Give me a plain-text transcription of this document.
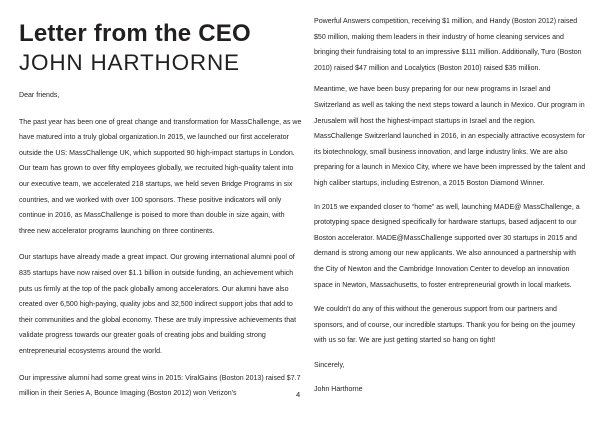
Letter from the CEO
JOHN HARTHORNE

Dear friends,

The past year has been one of great change and transformation for MassChallenge, as we have matured into a truly global organization.In 2015, we launched our first accelerator outside the US: MassChallenge UK, which supported 90 high-impact startups in London. Our team has grown to over fifty employees globally, we recruited high-quality talent into our executive team, we accelerated 218 startups, we held seven Bridge Programs in six countries, and we worked with over 100 sponsors. These positive indicators will only continue in 2016, as MassChallenge is poised to more than double in size again, with three new accelerator programs launching on three continents.

Our startups have already made a great impact. Our growing international alumni pool of 835 startups have now raised over $1.1 billion in outside funding, an achievement which puts us firmly at the top of the pack globally among accelerators. Our alumni have also created over 6,500 high-paying, quality jobs and 32,500 indirect support jobs that add to their communities and the global economy. These are truly impressive achievements that validate progress towards our greater goals of creating jobs and building strong entrepreneurial ecosystems around the world.

Our impressive alumni had some great wins in 2015: ViralGains (Boston 2013) raised $7.7 million in their Series A, Bounce Imaging (Boston 2012) won Verizon's

Powerful Answers competition, receiving $1 million, and Handy (Boston 2012) raised $50 million, making them leaders in their industry of home cleaning services and bringing their fundraising total to an impressive $111 million. Additionally, Turo (Boston 2010) raised $47 million and Localytics (Boston 2010) raised $35 million.

Meantime, we have been busy preparing for our new programs in Israel and Switzerland as well as taking the next steps toward a launch in Mexico. Our program in Jerusalem will host the highest-impact startups in Israel and the region. MassChallenge Switzerland launched in 2016, in an especially attractive ecosystem for its biotechnology, small business innovation, and large industry links. We are also preparing for a launch in Mexico City, where we have been impressed by the talent and high caliber startups, including Estrenon, a 2015 Boston Diamond Winner.

In 2015 we expanded closer to “home” as well, launching MADE@ MassChallenge, a prototyping space designed specifically for hardware startups, based adjacent to our Boston accelerator. MADE@MassChallenge supported over 30 startups in 2015 and demand is strong among our new applicants. We also announced a partnership with the City of Newton and the Cambridge Innovation Center to develop an innovation space in Newton, Massachusetts, to foster entrepreneurial growth in local markets.

We couldn't do any of this without the generous support from our partners and sponsors, and of course, our incredible startups. Thank you for being on the journey with us so far. We are just getting started so hang on tight!

Sincerely,

John Harthorne

4
